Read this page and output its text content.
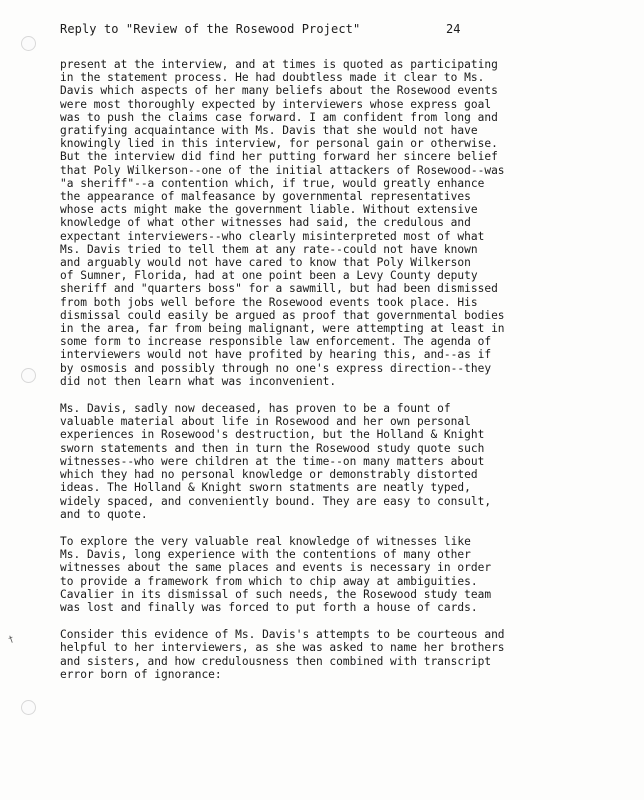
†
Reply to "Review of the Rosewood Project"	24
present at the interview, and at times is quoted as participating
in the statement process. He had doubtless made it clear to Ms.
Davis which aspects of her many beliefs about the Rosewood events
were most thoroughly expected by interviewers whose express goal
was to push the claims case forward. I am confident from long and
gratifying acquaintance with Ms. Davis that she would not have
knowingly lied in this interview, for personal gain or otherwise.
But the interview did find her putting forward her sincere belief
that Poly Wilkerson--one of the initial attackers of Rosewood--was
"a sheriff"--a contention which, if true, would greatly enhance
the appearance of malfeasance by governmental representatives
whose acts might make the government liable. Without extensive
knowledge of what other witnesses had said, the credulous and
expectant interviewers--who clearly misinterpreted most of what
Ms. Davis tried to tell them at any rate--could not have known
and arguably would not have cared to know that Poly Wilkerson
of Sumner, Florida, had at one point been a Levy County deputy
sheriff and "quarters boss" for a sawmill, but had been dismissed
from both jobs well before the Rosewood events took place. His
dismissal could easily be argued as proof that governmental bodies
in the area, far from being malignant, were attempting at least in
some form to increase responsible law enforcement. The agenda of
interviewers would not have profited by hearing this, and--as if
by osmosis and possibly through no one's express direction--they
did not then learn what was inconvenient.
Ms. Davis, sadly now deceased, has proven to be a fount of
valuable material about life in Rosewood and her own personal
experiences in Rosewood's destruction, but the Holland & Knight
sworn statements and then in turn the Rosewood study quote such
witnesses--who were children at the time--on many matters about
which they had no personal knowledge or demonstrably distorted
ideas. The Holland & Knight sworn statments are neatly typed,
widely spaced, and conveniently bound. They are easy to consult,
and to quote.
To explore the very valuable real knowledge of witnesses like
Ms. Davis, long experience with the contentions of many other
witnesses about the same places and events is necessary in order
to provide a framework from which to chip away at ambiguities.
Cavalier in its dismissal of such needs, the Rosewood study team
was lost and finally was forced to put forth a house of cards.
Consider this evidence of Ms. Davis's attempts to be courteous and
helpful to her interviewers, as she was asked to name her brothers
and sisters, and how credulousness then combined with transcript
error born of ignorance:
